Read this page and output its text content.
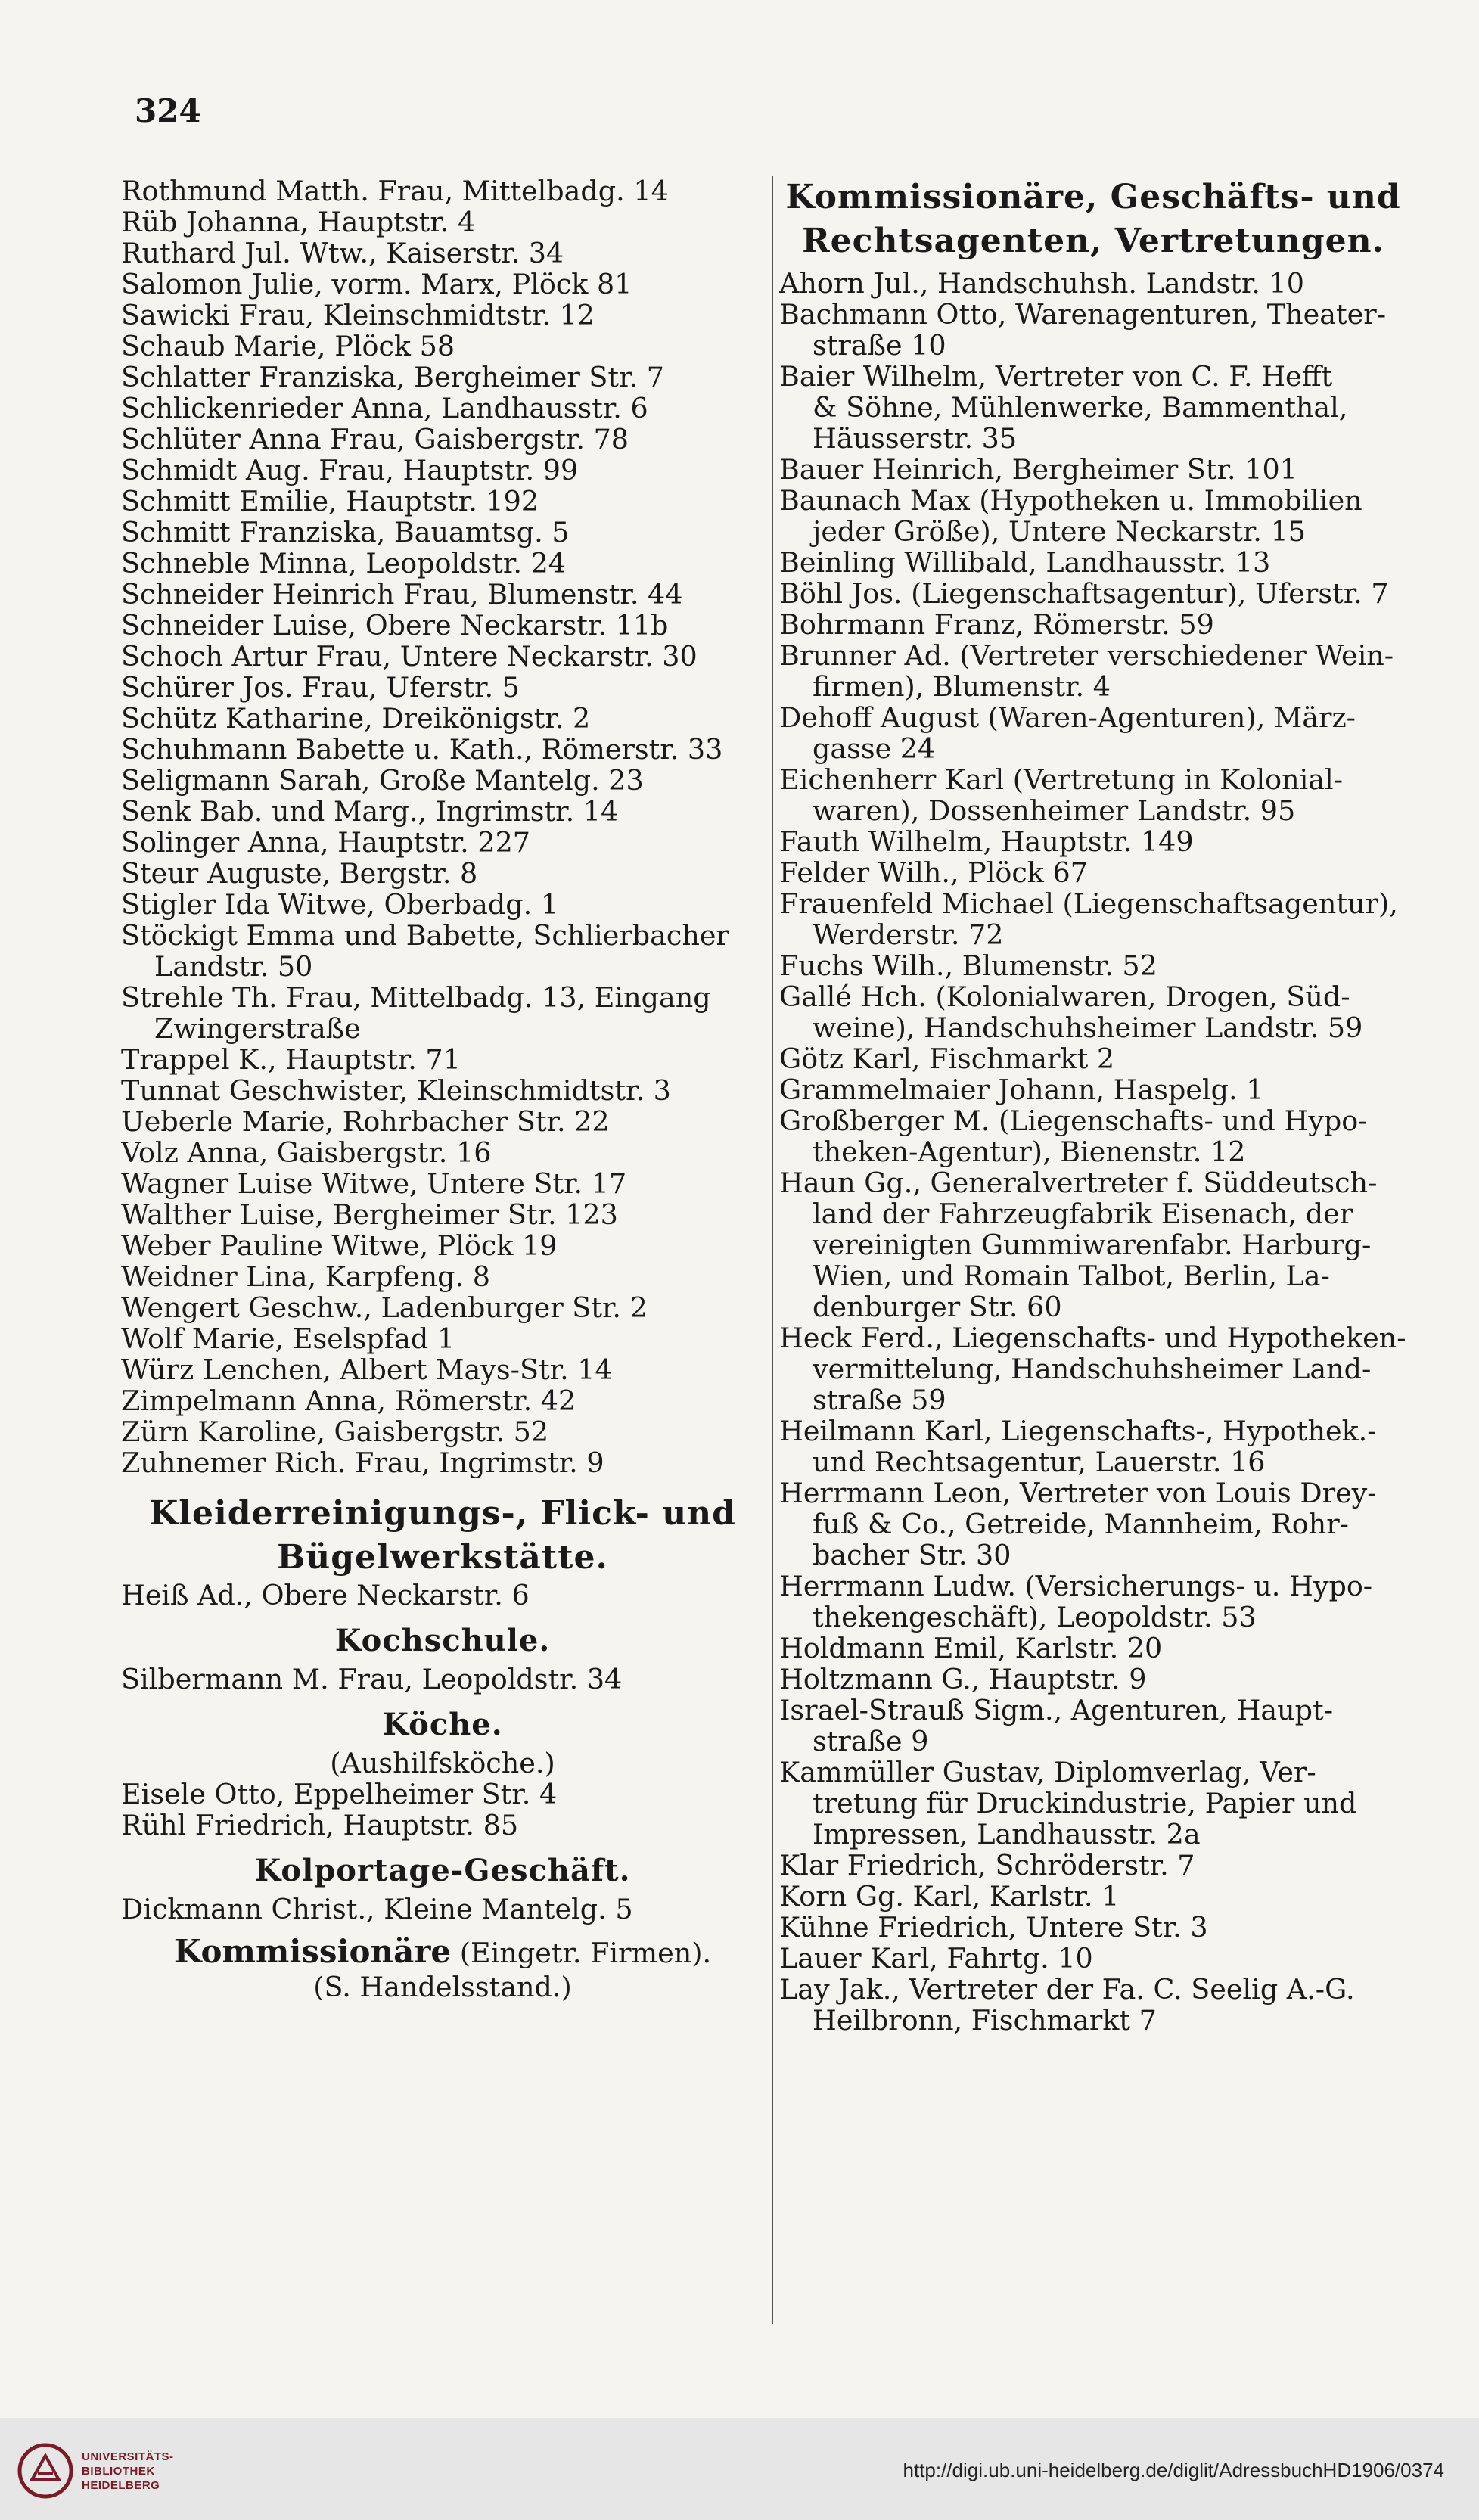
324
Rothmund Matth. Frau, Mittelbadg. 14
Rüb Johanna, Hauptstr. 4
Ruthard Jul. Wtw., Kaiserstr. 34
Salomon Julie, vorm. Marx, Plöck 81
Sawicki Frau, Kleinschmidtstr. 12
Schaub Marie, Plöck 58
Schlatter Franziska, Bergheimer Str. 7
Schlickenrieder Anna, Landhausstr. 6
Schlüter Anna Frau, Gaisbergstr. 78
Schmidt Aug. Frau, Hauptstr. 99
Schmitt Emilie, Hauptstr. 192
Schmitt Franziska, Bauamtsg. 5
Schneble Minna, Leopoldstr. 24
Schneider Heinrich Frau, Blumenstr. 44
Schneider Luise, Obere Neckarstr. 11b
Schoch Artur Frau, Untere Neckarstr. 30
Schürer Jos. Frau, Uferstr. 5
Schütz Katharine, Dreikönigstr. 2
Schuhmann Babette u. Kath., Römerstr. 33
Seligmann Sarah, Große Mantelg. 23
Senk Bab. und Marg., Ingrimstr. 14
Solinger Anna, Hauptstr. 227
Steur Auguste, Bergstr. 8
Stigler Ida Witwe, Oberbadg. 1
Stöckigt Emma und Babette, Schlierbacher
Landstr. 50
Strehle Th. Frau, Mittelbadg. 13, Eingang
Zwingerstraße
Trappel K., Hauptstr. 71
Tunnat Geschwister, Kleinschmidtstr. 3
Ueberle Marie, Rohrbacher Str. 22
Volz Anna, Gaisbergstr. 16
Wagner Luise Witwe, Untere Str. 17
Walther Luise, Bergheimer Str. 123
Weber Pauline Witwe, Plöck 19
Weidner Lina, Karpfeng. 8
Wengert Geschw., Ladenburger Str. 2
Wolf Marie, Eselspfad 1
Würz Lenchen, Albert Mays-Str. 14
Zimpelmann Anna, Römerstr. 42
Zürn Karoline, Gaisbergstr. 52
Zuhnemer Rich. Frau, Ingrimstr. 9
Kleiderreinigungs-, Flick- und
Bügelwerkstätte.
Heiß Ad., Obere Neckarstr. 6
Kochschule.
Silbermann M. Frau, Leopoldstr. 34
Köche.
(Aushilfsköche.)
Eisele Otto, Eppelheimer Str. 4
Rühl Friedrich, Hauptstr. 85
Kolportage-Geschäft.
Dickmann Christ., Kleine Mantelg. 5
Kommissionäre (Eingetr. Firmen).
(S. Handelsstand.)
Kommissionäre, Geschäfts- und
Rechtsagenten, Vertretungen.
Ahorn Jul., Handschuhsh. Landstr. 10
Bachmann Otto, Warenagenturen, Theater-
straße 10
Baier Wilhelm, Vertreter von C. F. Hefft
& Söhne, Mühlenwerke, Bammenthal,
Häusserstr. 35
Bauer Heinrich, Bergheimer Str. 101
Baunach Max (Hypotheken u. Immobilien
jeder Größe), Untere Neckarstr. 15
Beinling Willibald, Landhausstr. 13
Böhl Jos. (Liegenschaftsagentur), Uferstr. 7
Bohrmann Franz, Römerstr. 59
Brunner Ad. (Vertreter verschiedener Wein-
firmen), Blumenstr. 4
Dehoff August (Waren-Agenturen), März-
gasse 24
Eichenherr Karl (Vertretung in Kolonial-
waren), Dossenheimer Landstr. 95
Fauth Wilhelm, Hauptstr. 149
Felder Wilh., Plöck 67
Frauenfeld Michael (Liegenschaftsagentur),
Werderstr. 72
Fuchs Wilh., Blumenstr. 52
Gallé Hch. (Kolonialwaren, Drogen, Süd-
weine), Handschuhsheimer Landstr. 59
Götz Karl, Fischmarkt 2
Grammelmaier Johann, Haspelg. 1
Großberger M. (Liegenschafts- und Hypo-
theken-Agentur), Bienenstr. 12
Haun Gg., Generalvertreter f. Süddeutsch-
land der Fahrzeugfabrik Eisenach, der
vereinigten Gummiwarenfabr. Harburg-
Wien, und Romain Talbot, Berlin, La-
denburger Str. 60
Heck Ferd., Liegenschafts- und Hypotheken-
vermittelung, Handschuhsheimer Land-
straße 59
Heilmann Karl, Liegenschafts-, Hypothek.-
und Rechtsagentur, Lauerstr. 16
Herrmann Leon, Vertreter von Louis Drey-
fuß & Co., Getreide, Mannheim, Rohr-
bacher Str. 30
Herrmann Ludw. (Versicherungs- u. Hypo-
thekengeschäft), Leopoldstr. 53
Holdmann Emil, Karlstr. 20
Holtzmann G., Hauptstr. 9
Israel-Strauß Sigm., Agenturen, Haupt-
straße 9
Kammüller Gustav, Diplomverlag, Ver-
tretung für Druckindustrie, Papier und
Impressen, Landhausstr. 2a
Klar Friedrich, Schröderstr. 7
Korn Gg. Karl, Karlstr. 1
Kühne Friedrich, Untere Str. 3
Lauer Karl, Fahrtg. 10
Lay Jak., Vertreter der Fa. C. Seelig A.-G.
Heilbronn, Fischmarkt 7
UNIVERSITÄTS-
BIBLIOTHEK
HEIDELBERG
http://digi.ub.uni-heidelberg.de/diglit/AdressbuchHD1906/0374
